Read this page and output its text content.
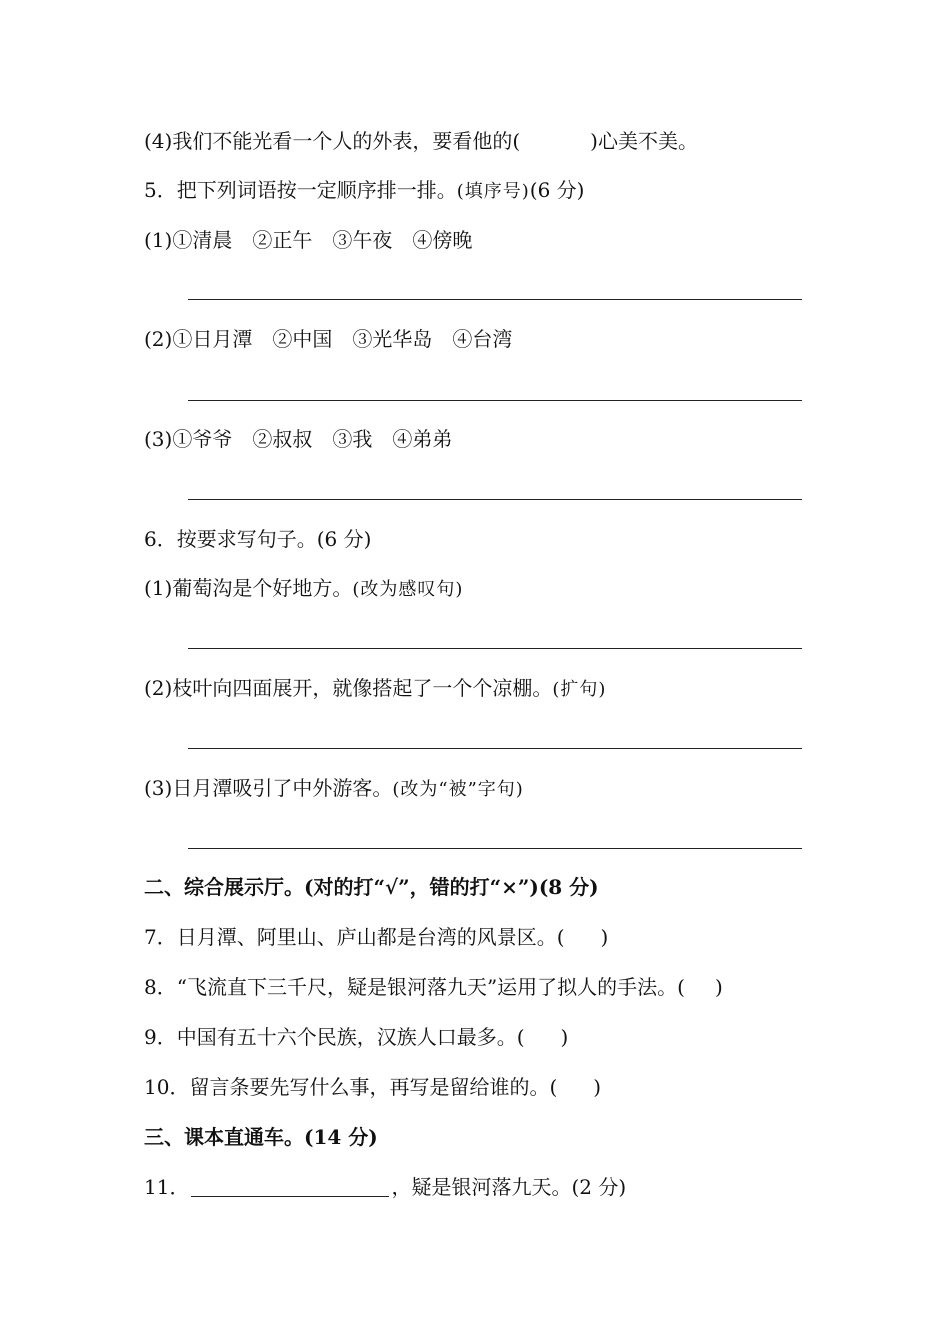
(4)我们不能光看一个人的外表，要看他的(	)心美不美。
5．把下列词语按一定顺序排一排。(填序号)(6 分)
(1)①清晨　②正午　③午夜　④傍晚
(2)①日月潭　②中国　③光华岛　④台湾
(3)①爷爷　②叔叔　③我　④弟弟
6．按要求写句子。(6 分)
(1)葡萄沟是个好地方。(改为感叹句)
(2)枝叶向四面展开，就像搭起了一个个凉棚。(扩句)
(3)日月潭吸引了中外游客。(改为“被”字句)
二、综合展示厅。(对的打“√”，错的打“×”)(8 分)
7．日月潭、阿里山、庐山都是台湾的风景区。( )
8．“飞流直下三千尺，疑是银河落九天”运用了拟人的手法。( )
9．中国有五十六个民族，汉族人口最多。( )
10．留言条要先写什么事，再写是留给谁的。( )
三、课本直通车。(14 分)
11．	，疑是银河落九天。(2 分)
